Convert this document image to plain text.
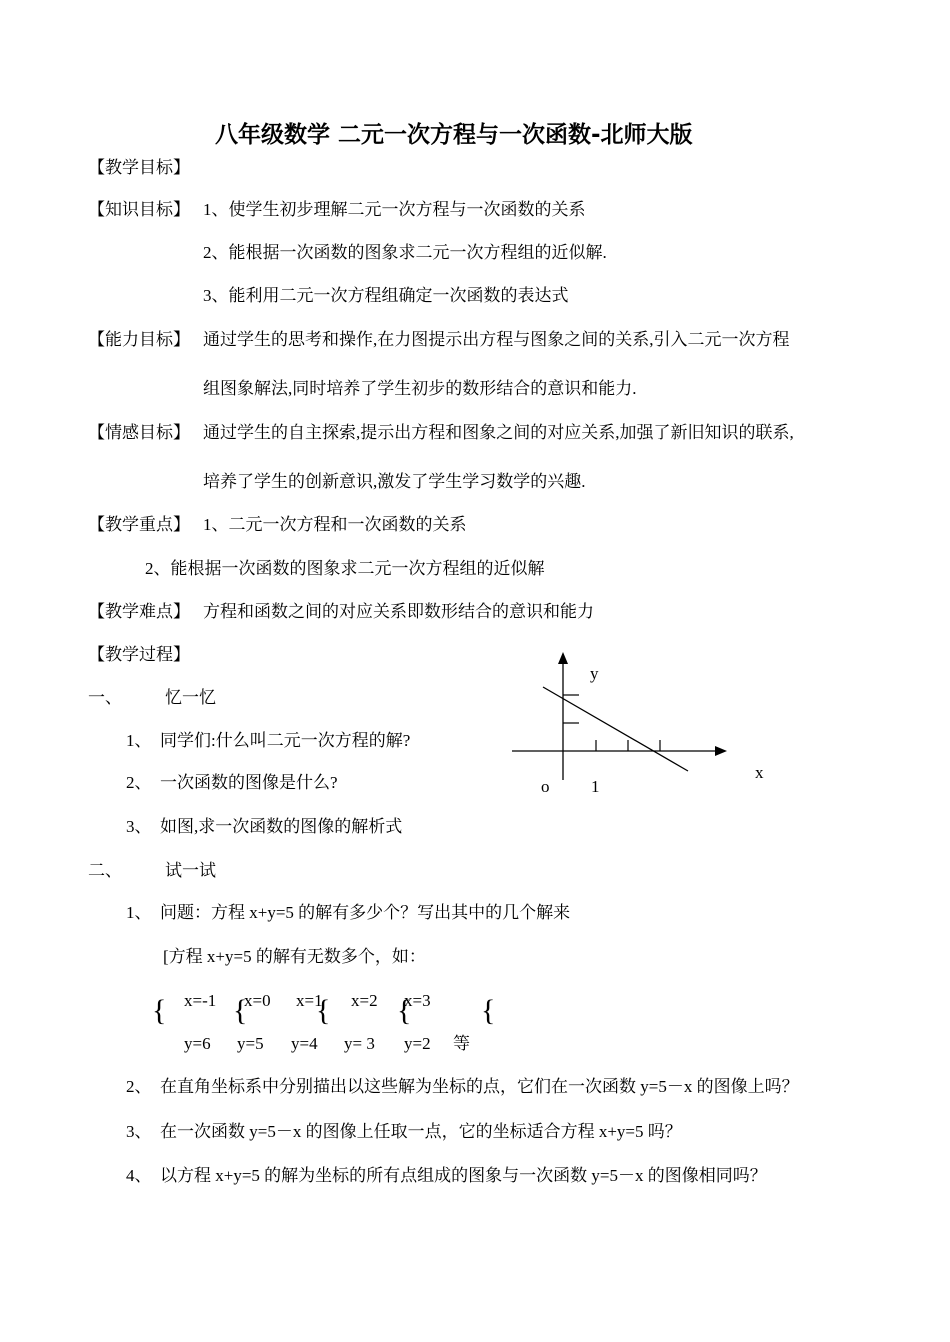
八年级数学 二元一次方程与一次函数-北师大版
【教学目标】
【知识目标】 1、使学生初步理解二元一次方程与一次函数的关系
2、能根据一次函数的图象求二元一次方程组的近似解.
3、能利用二元一次方程组确定一次函数的表达式
【能力目标】 通过学生的思考和操作,在力图提示出方程与图象之间的关系,引入二元一次方程
组图象解法,同时培养了学生初步的数形结合的意识和能力.
【情感目标】 通过学生的自主探索,提示出方程和图象之间的对应关系,加强了新旧知识的联系,
培养了学生的创新意识,激发了学生学习数学的兴趣.
【教学重点】 1、二元一次方程和一次函数的关系
2、能根据一次函数的图象求二元一次方程组的近似解
【教学难点】 方程和函数之间的对应关系即数形结合的意识和能力
【教学过程】
一、	忆一忆
1、 同学们:什么叫二元一次方程的解?
2、 一次函数的图像是什么?
3、 如图,求一次函数的图像的解析式
y
x
o 1
二、	试一试
1、 问题：方程 x+y=5 的解有多少个？写出其中的几个解来
[方程 x+y=5 的解有无数多个，如：
x=-1 x=0 x=1 x=2 x=3
{ { { { {
y=6 y=5 y=4 y= 3 y=2 等
2、 在直角坐标系中分别描出以这些解为坐标的点，它们在一次函数 y=5－x 的图像上吗？
3、 在一次函数 y=5－x 的图像上任取一点，它的坐标适合方程 x+y=5 吗？
4、 以方程 x+y=5 的解为坐标的所有点组成的图象与一次函数 y=5－x 的图像相同吗？
